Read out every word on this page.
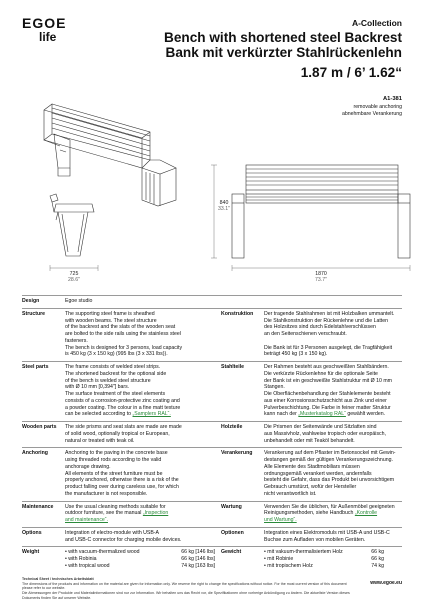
EGOE
life
A-Collection
Bench with shortened steel Backrest
Bank mit verkürzter Stahlrückenlehn
1.87 m / 6’ 1.62“
A1-381
removable anchoring
abnehmbare Verankerung
840
33.1"
725
28.6"
1870
73.7"
Design	Egoe studio
Structure	The supporting steel frame is sheathed
with wooden beams. The steel structure
of the backrest and the slats of the wooden seat
are bolted to the side rails using the stainless steel
fasteners.
The bench is designed for 3 persons, load capacity
is 450 kg (3 x 150 kg) (995 lbs (3 x 331 lbs)).
Konstruktion	Der tragende Stahlrahmen ist mit Holzbalken ummantelt.
Die Stahlkonstruktion der Rückenlehne und die Latten
des Holzsitzes sind durch Edelstahlverschlüssen
an den Seitenschienen verschraubt.
Die Bank ist für 3 Personen ausgelegt, die Tragfähigkeit
beträgt 450 kg (3 x 150 kg).
Steel parts	The frame consists of welded steel strips.
The shortened backrest for the optional side
of the bench is welded steel structure
with Ø 10 mm [0,394"] bars.
The surface treatment of the steel elements
consists of a corrosion-protective zinc coating and
a powder coating. The colour in a fine matt texture
can be selected according to „Samplers RAL“.
Stahlteile	Der Rahmen besteht aus geschweißten Stahlbändern.
Die verkürzte Rückenlehne für die optionale Seite
der Bank ist ein geschweißte Stahlstruktur mit Ø 10 mm
Stangen.
Die Oberflächenbehandlung der Stahlelemente besteht
aus einer Korrosionsschutzschicht aus Zink und einer
Pulverbeschichtung. Die Farbe in feiner matter Struktur
kann nach der „Musterkatalog RAL“ gewählt werden.
Wooden parts	The side prisms and seat slats are made are made
of solid wood, optionally tropical or European,
natural or treated with teak oil.
Holzteile	Die Prismen der Seitenwände und Sitzlatten sind
aus Massivholz, wahlweise tropisch oder europäisch,
unbehandelt oder mit Teaköl behandelt.
Anchoring	Anchoring to the paving in the concrete base
using threaded rods according to the valid
anchorage drawing.
All elements of the street furniture must be
properly anchored, otherwise there is a risk of the
product falling over during careless use, for which
the manufacturer is not responsible.
Verankerung	Verankerung auf dem Pflaster im Betonsockel mit Gewin-
destangen gemäß der gültigen Verankerungszeichnung.
Alle Elemente des Stadtmobiliars müssen
ordnungsgemäß verankert werden, andernfalls
besteht die Gefahr, dass das Produkt bei unvorsichtigem
Gebrauch umstürzt, wofür der Hersteller
nicht verantwortlich ist.
Maintenance	Use the usual cleaning methods suitable for
outdoor furniture, see the manual „Inspection
and maintenance“.
Wartung	Verwenden Sie die üblichen, für Außenmöbel geeigneten
Reinigungsmethoden, siehe Handbuch „Kontrolle
und Wartung“.
Options	Integration of electro-module with USB-A
and USB-C connector for charging mobile devices.
Optionen	Integration eines Elektromoduls mit USB-A und USB-C
Buchse zum Aufladen von mobilen Geräten.
Weight	• with vacuum-thermalized wood	66 kg [146 lbs]
• with Robinia	66 kg [146 lbs]
• with tropical wood	74 kg [163 lbs]
Gewicht	• mit vakuum-thermalisiertem Holz	66 kg
• mit Robinie	66 kg
• mit tropischem Holz	74 kg
Technical Sheet / technisches Arbeitsblatt
The dimensions of the products and information on the material are given for information only. We reserve the right to change the specifications without notice. For the most current version of this document please refer to our website.
Die Abmessungen der Produkte und Materialinformationen sind nur zur Information. Wir behalten uns das Recht vor, die Spezifikationen ohne vorherige Ankündigung zu ändern. Die aktuellste Version dieses Dokuments finden Sie auf unserer Website.
www.egoe.eu
